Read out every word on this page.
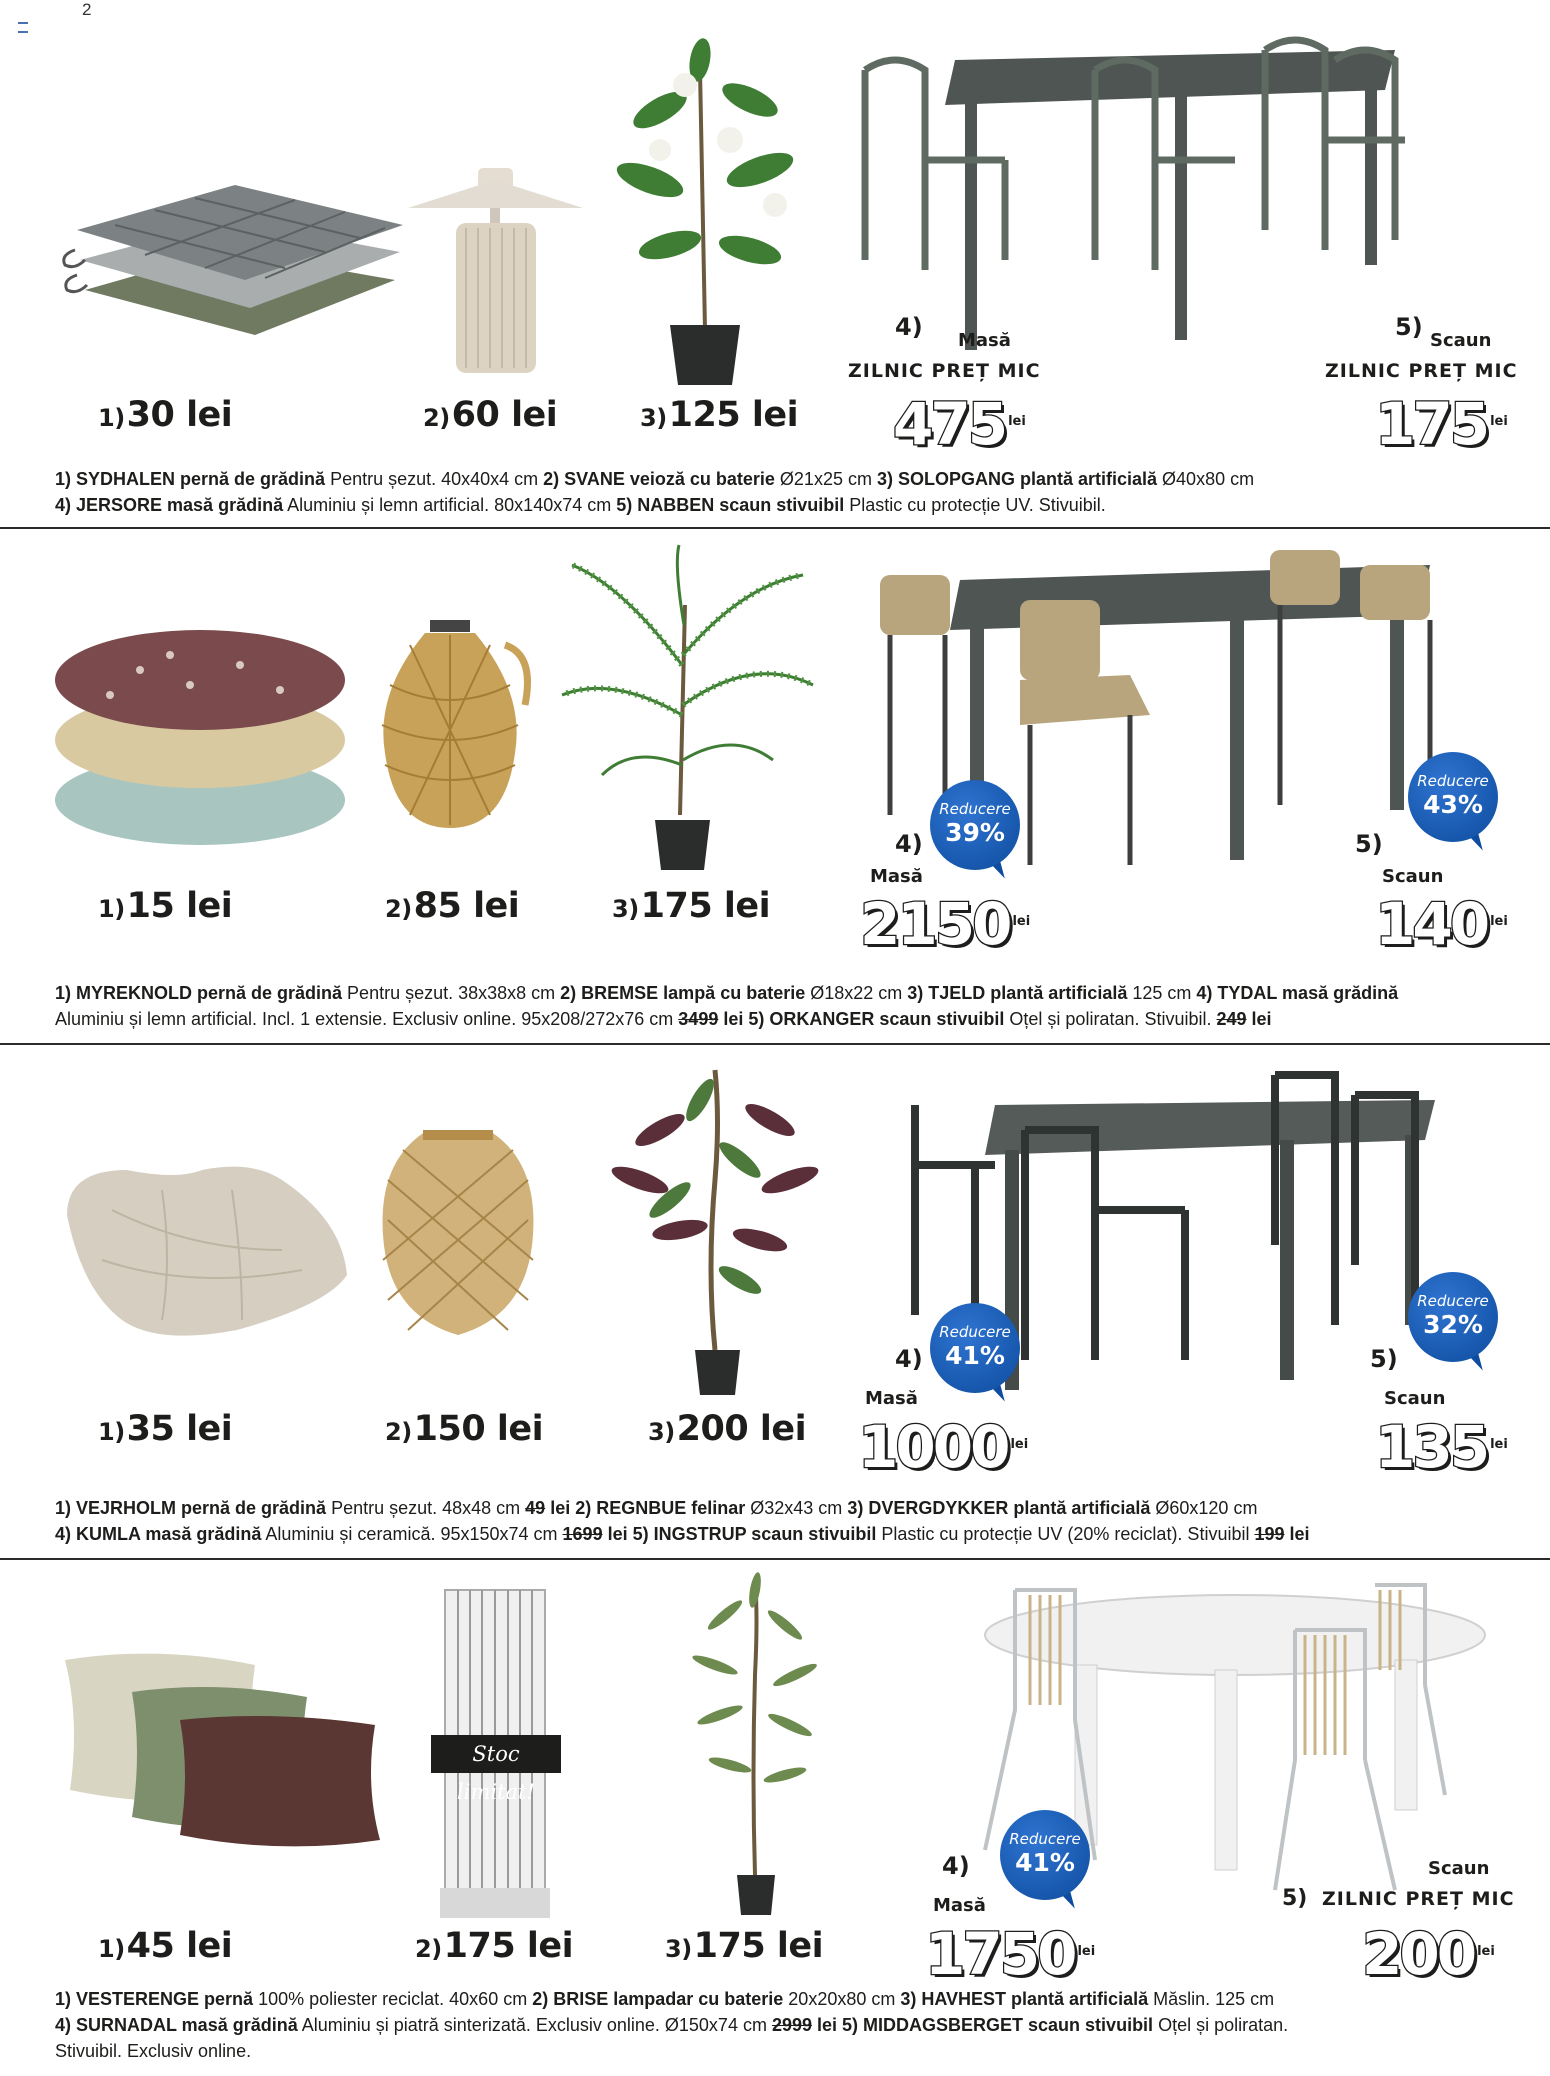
2
1)30 lei	2)60 lei	3)125 lei
4) Masă
ZILNIC PREȚ MIC
475 $^{lei}$
5) Scaun
ZILNIC PREȚ MIC
175 $^{lei}$
1) SYDHALEN pernă de grădină Pentru șezut. 40x40x4 cm 2) SVANE veioză cu baterie Ø21x25 cm 3) SOLOPGANG plantă artificială Ø40x80 cm
4) JERSORE masă grădină Aluminiu și lemn artificial. 80x140x74 cm 5) NABBEN scaun stivuibil Plastic cu protecție UV. Stivuibil.
Reducere
39%
Reducere
43%
1)15 lei	2)85 lei	3)175 lei
4)
Masă
2150 $^{lei}$
5)
Scaun
140 $^{lei}$
1) MYREKNOLD pernă de grădină Pentru șezut. 38x38x8 cm 2) BREMSE lampă cu baterie Ø18x22 cm 3) TJELD plantă artificială 125 cm 4) TYDAL masă grădină
Aluminiu și lemn artificial. Incl. 1 extensie. Exclusiv online. 95x208/272x76 cm 3499 lei 5) ORKANGER scaun stivuibil Oțel și poliratan. Stivuibil. 249 lei
Reducere
41%
Reducere
32%
1)35 lei	2)150 lei	3)200 lei
4)
Masă
1000 $^{lei}$
5)
Scaun
135 $^{lei}$
1) VEJRHOLM pernă de grădină Pentru șezut. 48x48 cm 49 lei 2) REGNBUE felinar Ø32x43 cm 3) DVERGDYKKER plantă artificială Ø60x120 cm
4) KUMLA masă grădină Aluminiu și ceramică. 95x150x74 cm 1699 lei 5) INGSTRUP scaun stivuibil Plastic cu protecție UV (20% reciclat). Stivuibil 199 lei
Stoc limitat!
Reducere
41%
1)45 lei	2)175 lei	3)175 lei
4)
Masă
1750 $^{lei}$
Scaun
5) ZILNIC PREȚ MIC
200 $^{lei}$
1) VESTERENGE pernă 100% poliester reciclat. 40x60 cm 2) BRISE lampadar cu baterie 20x20x80 cm 3) HAVHEST plantă artificială Măslin. 125 cm
4) SURNADAL masă grădină Aluminiu și piatră sinterizată. Exclusiv online. Ø150x74 cm 2999 lei 5) MIDDAGSBERGET scaun stivuibil Oțel și poliratan.
Stivuibil. Exclusiv online.
